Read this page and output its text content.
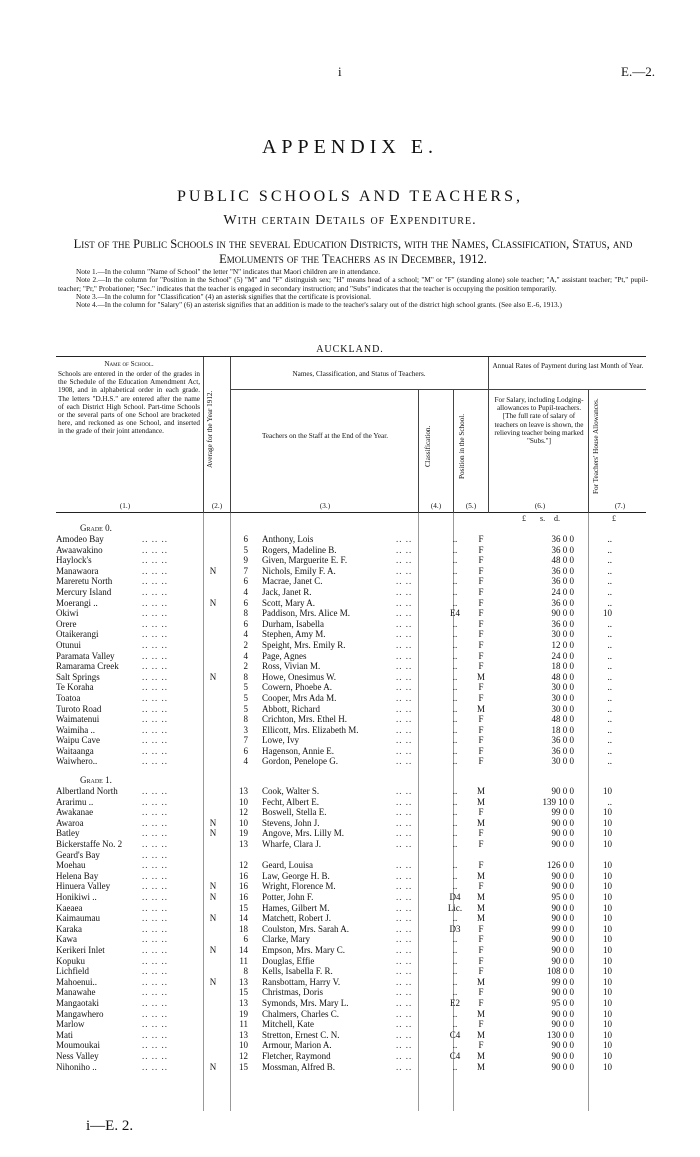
i	E.—2.
APPENDIX E.
PUBLIC SCHOOLS AND TEACHERS,
With certain Details of Expenditure.
List of the Public Schools in the several Education Districts, with the Names, Classification, Status, and Emoluments of the Teachers as in December, 1912.

Note 1.—In the column "Name of School" the letter "N" indicates that Maori children are in attendance.

Note 2.—In the column for "Position in the School" (5) "M" and "F" distinguish sex; "H" means head of a school; "M" or "F" (standing alone) sole teacher; "A," assistant teacher; "Pt," pupil-teacher; "Pr," Probationer; "Sec." indicates that the teacher is engaged in secondary instruction; and "Subs" indicates that the teacher is occupying the position temporarily.

Note 3.—In the column for "Classification" (4) an asterisk signifies that the certificate is provisional.

Note 4.—In the column for "Salary" (6) an asterisk signifies that an addition is made to the teacher's salary out of the district high school grants. (See also E.-6, 1913.)

AUCKLAND.
Name of School.
Schools are entered in the order of the grades in the Schedule of the Education Amendment Act, 1908, and in alphabetical order in each grade. The letters "D.H.S." are entered after the name of each District High School. Part-time Schools or the several parts of one School are bracketed here, and reckoned as one School, and inserted in the grade of their joint attendance.	Average for the Year 1912.
Names, Classification, and Status of Teachers.
Teachers on the Staff at the End of the Year.	Classification.	Position in the School.
Annual Rates of Payment during last Month of Year.
For Salary, including Lodging-allowances to Pupil-teachers. [The full rate of salary of teachers on leave is shown, the relieving teacher being marked "Subs."]	For Teachers' House Allowances.
(1.)	(2.)	(3.)	(4.)	(5.)	(6.)	(7.)
£ s. d.	£
Grade 0.
Amodeo Bay	.. .. ..	6 Anthony, Lois	.. ..	..	F	36 0 0	..
Awaawakino	.. .. ..	5 Rogers, Madeline B.	.. ..	..	F	36 0 0	..
Haylock's	.. .. ..	9 Given, Marguerite E. F.	.. ..	..	F	48 0 0	..
Manawaora	.. .. ..	N	7 Nichols, Emily F. A.	.. ..	..	F	36 0 0	..
Mareretu North	.. .. ..	6 Macrae, Janet C.	.. ..	..	F	36 0 0	..
Mercury Island	.. .. ..	4 Jack, Janet R.	.. ..	..	F	24 0 0	..
Moerangi ..	.. .. ..	N	6 Scott, Mary A.	.. ..	..	F	36 0 0	..
Okiwi	.. .. ..	8 Paddison, Mrs. Alice M.	.. ..	E4	F	90 0 0	10
Orere	.. .. ..	6 Durham, Isabella	.. ..	..	F	36 0 0	..
Otaikerangi	.. .. ..	4 Stephen, Amy M.	.. ..	..	F	30 0 0	..
Otunui	.. .. ..	2 Speight, Mrs. Emily R.	.. ..	..	F	12 0 0	..
Paramata Valley	.. .. ..	4 Page, Agnes	.. ..	..	F	24 0 0	..
Ramarama Creek	.. .. ..	2 Ross, Vivian M.	.. ..	..	F	18 0 0	..
Salt Springs	.. .. ..	N	8 Howe, Onesimus W.	.. ..	..	M	48 0 0	..
Te Koraha	.. .. ..	5 Cowern, Phoebe A.	.. ..	..	F	30 0 0	..
Toatoa	.. .. ..	5 Cooper, Mrs Ada M.	.. ..	..	F	30 0 0	..
Turoto Road	.. .. ..	5 Abbott, Richard	.. ..	..	M	30 0 0	..
Waimatenui	.. .. ..	8 Crichton, Mrs. Ethel H.	.. ..	..	F	48 0 0	..
Waimiha ..	.. .. ..	3 Ellicott, Mrs. Elizabeth M.	.. ..	..	F	18 0 0	..
Waipu Cave	.. .. ..	7 Lowe, Ivy	.. ..	..	F	36 0 0	..
Waitaanga	.. .. ..	6 Hagenson, Annie E.	.. ..	..	F	36 0 0	..
Waiwhero..	.. .. ..	4 Gordon, Penelope G.	.. ..	..	F	30 0 0	..
Grade 1.
Albertland North	.. .. ..	13 Cook, Walter S.	.. ..	..	M	90 0 0	10
Ararimu ..	.. .. ..	10 Fecht, Albert E.	.. ..	..	M	139 10 0	..
Awakanae	.. .. ..	12 Boswell, Stella E.	.. ..	..	F	99 0 0	10
Awaroa	.. .. ..	N	10 Stevens, John J.	.. ..	..	M	90 0 0	10
Batley	.. .. ..	N	19 Angove, Mrs. Lilly M.	.. ..	..	F	90 0 0	10
Bickerstaffe No. 2 .. .. ..	13 Wharfe, Clara J.	.. ..	..	F	90 0 0	10
Geard's Bay	.. .. ..
Moehau	.. .. ..	12 Geard, Louisa	.. ..	..	F	126 0 0	10
Helena Bay	.. .. ..	16 Law, George H. B.	.. ..	..	M	90 0 0	10
Hinuera Valley	.. .. ..	N	16 Wright, Florence M.	.. ..	..	F	90 0 0	10
Honikiwi ..	.. .. ..	N	16 Potter, John F.	.. ..	D4	M	95 0 0	10
Kaeaea	.. .. ..	15 Hames, Gilbert M.	.. ..	Lic.	M	90 0 0	10
Kaimaumau	.. .. ..	N	14 Matchett, Robert J.	.. ..	..	M	90 0 0	10
Karaka	.. .. ..	18 Coulston, Mrs. Sarah A.	.. ..	D3	F	99 0 0	10
Kawa	.. .. ..	6 Clarke, Mary	.. ..	..	F	90 0 0	10
Kerikeri Inlet	.. .. ..	N	14 Empson, Mrs. Mary C.	.. ..	..	F	90 0 0	10
Kopuku	.. .. ..	11 Douglas, Effie	.. ..	..	F	90 0 0	10
Lichfield	.. .. ..	8 Kells, Isabella F. R.	.. ..	..	F	108 0 0	10
Mahoenui..	.. .. ..	N	13 Ransbottam, Harry V.	.. ..	..	M	99 0 0	10
Manawahe	.. .. ..	15 Christmas, Doris	.. ..	..	F	90 0 0	10
Mangaotaki	.. .. ..	13 Symonds, Mrs. Mary L.	.. ..	E2	F	95 0 0	10
Mangawhero	.. .. ..	19 Chalmers, Charles C.	.. ..	..	M	90 0 0	10
Marlow	.. .. ..	11 Mitchell, Kate	.. ..	..	F	90 0 0	10
Mati	.. .. ..	13 Stretton, Ernest C. N.	.. ..	C4	M	130 0 0	10
Moumoukai	.. .. ..	10 Armour, Marion A.	.. ..	..	F	90 0 0	10
Ness Valley	.. .. ..	12 Fletcher, Raymond	.. ..	C4	M	90 0 0	10
Nihoniho ..	.. .. ..	N	15 Mossman, Alfred B.	.. ..	..	M	90 0 0	10
i—E. 2.
